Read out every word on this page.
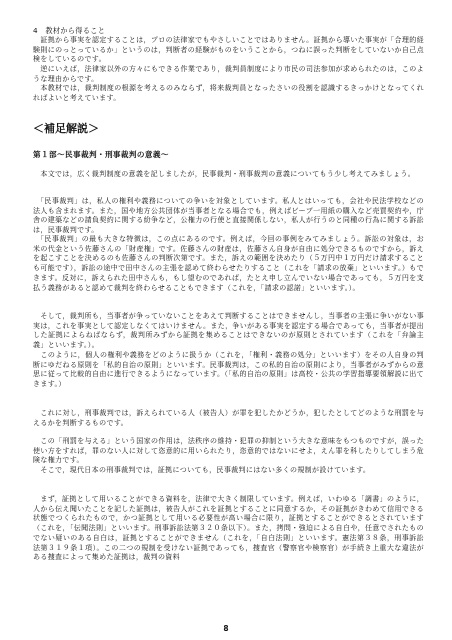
4　教材から得ること

　証拠から事実を認定することは，プロの法律家でもやさしいことではありません。証拠から導いた事実が「合理的経験則にのっとっているか」というのは，判断者の経験がものをいうことから，つねに誤った判断をしていないか自己点検をしているのです。

　逆にいえば，法律家以外の方々にもできる作業であり，裁判員制度により市民の司法参加が求められたのは，このような理由からです。

　本教材では，裁判制度の根源を考えるのみならず，将来裁判員となったさいの役割を認識するきっかけとなってくれればよいと考えています。

＜補足解説＞
第１部～民事裁判・刑事裁判の意義～

　本文では，広く裁判制度の意義を記しましたが，民事裁判・刑事裁判の意義についてもう少し考えてみましょう。

　「民事裁判」は，私人の権利や義務についての争いを対象としています。私人とはいっても，会社や民法学校などの法人も含まれます。また，国や地方公共団体が当事者となる場合でも，例えばビーブ一用紙の購入など売買契約や，庁舎の建築などの請負契約に関する紛争など，公権力の行使と直接関係しない，私人が行うのと同種の行為に関する訴訟は，民事裁判です。

　「民事裁判」の最も大きな特徴は，この点にあるのです。例えば，今回の事例をみてみましょう。訴訟の対象は，お米の代金という佐藤さんの「財産権」です。佐藤さんの財産は，佐藤さん自身が自由に処分できるものですから，訴えを起こすことを決めるのも佐藤さんの判断次第です。また，訴えの範囲を決めたり（５万円中１万円だけ請求することも可能です），訴訟の途中で田中さんの主張を認めて終わらせたりすること（これを「請求の放棄」といいます。）もできます。反対に，訴えられた田中さんも，もし望むのであれば，たとえ申し立んでいない場合であっても，５万円を支払う義務があると認めて裁判を終わらせることもできます（これを，「請求の認諾」といいます。）。

　そして，裁判所も，当事者が争っていないことをあえて判断することはできませんし，当事者の主張に争いがない事実は，これを事実として認定しなくてはいけません。また，争いがある事実を認定する場合であっても，当事者が提出した証拠によらねばならず，裁判所みずから証拠を集めることはできないのが原則とされています（これを「弁論主義」といいます。）。

　このように，個人の権利や義務をどのように扱うか（これを，「権利・義務の処分」といいます）をその人自身の判断にゆだねる原則を「私的自治の原則」といいます。民事裁判は，この私的自治の原則により，当事者がみずからの意思に従って比較的自由に進行できるようになっています。（「私的自治の原則」は高校・公共の学習指導要領解説に出てきます。）

　これに対し，刑事裁判では，訴えられている人（被告人）が罪を犯したかどうか，犯したとしてどのような刑罰を与えるかを判断するものです。

　この「刑罰を与える」という国家の作用は，法秩序の維持・犯罪の抑制という大きな意味をもつものですが，誤った使い方をすれば，罪のない人に対して恣意的に用いられたり，恣意的ではないにせよ，えん罪を科したりしてしまう危険な権力です。

　そこで，現代日本の刑事裁判では，証拠についても，民事裁判にはない多くの規制が設けています。

　まず，証拠として用いることができる資料を，法律で大きく制限しています。例えば，いわゆる「調書」のように，人から伝え聞いたことを記した証拠は，被告人がこれを証拠とすることに同意するか，その証拠がきわめて信用できる状態でつくられたもので，かつ証拠として用いる必要性が高い場合に限り，証拠とすることができるとされています（これを，「伝聞法則」といいます。刑事訴訟法第３２０条以下）。また，拷問・強迫による自白や，任意でされたものでない疑いのある自白は，証拠とすることができません（これを，「自白法則」といいます。憲法第３８条，刑事訴訟法第３１９条１項）。この二つの規制を受けない証拠であっても，捜査官（警察官や検察官）が手続き上重大な違法がある捜査によって集めた証拠は，裁判の資料

8
